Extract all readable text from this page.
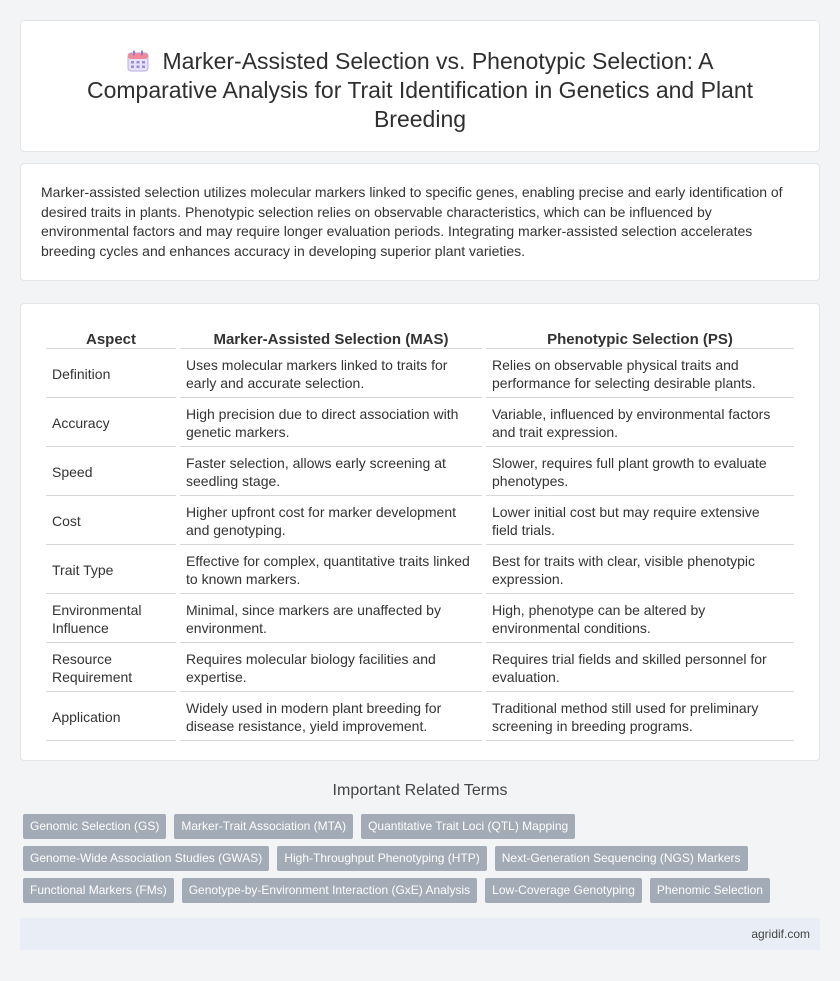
Marker-Assisted Selection vs. Phenotypic Selection: A Comparative Analysis for Trait Identification in Genetics and Plant Breeding

Marker-assisted selection utilizes molecular markers linked to specific genes, enabling precise and early identification of desired traits in plants. Phenotypic selection relies on observable characteristics, which can be influenced by environmental factors and may require longer evaluation periods. Integrating marker-assisted selection accelerates breeding cycles and enhances accuracy in developing superior plant varieties.

Aspect	Marker-Assisted Selection (MAS)	Phenotypic Selection (PS)
Definition	Uses molecular markers linked to traits for early and accurate selection.	Relies on observable physical traits and performance for selecting desirable plants.
Accuracy	High precision due to direct association with genetic markers.	Variable, influenced by environmental factors and trait expression.
Speed	Faster selection, allows early screening at seedling stage.	Slower, requires full plant growth to evaluate phenotypes.
Cost	Higher upfront cost for marker development and genotyping.	Lower initial cost but may require extensive field trials.
Trait Type	Effective for complex, quantitative traits linked to known markers.	Best for traits with clear, visible phenotypic expression.
Environmental Influence	Minimal, since markers are unaffected by environment.	High, phenotype can be altered by environmental conditions.
Resource Requirement	Requires molecular biology facilities and expertise.	Requires trial fields and skilled personnel for evaluation.
Application	Widely used in modern plant breeding for disease resistance, yield improvement.	Traditional method still used for preliminary screening in breeding programs.
Important Related Terms
Genomic Selection (GS)	Marker-Trait Association (MTA)	Quantitative Trait Loci (QTL) Mapping
Genome-Wide Association Studies (GWAS)	High-Throughput Phenotyping (HTP)	Next-Generation Sequencing (NGS) Markers
Functional Markers (FMs)	Genotype-by-Environment Interaction (GxE) Analysis	Low-Coverage Genotyping	Phenomic Selection
agridif.com
